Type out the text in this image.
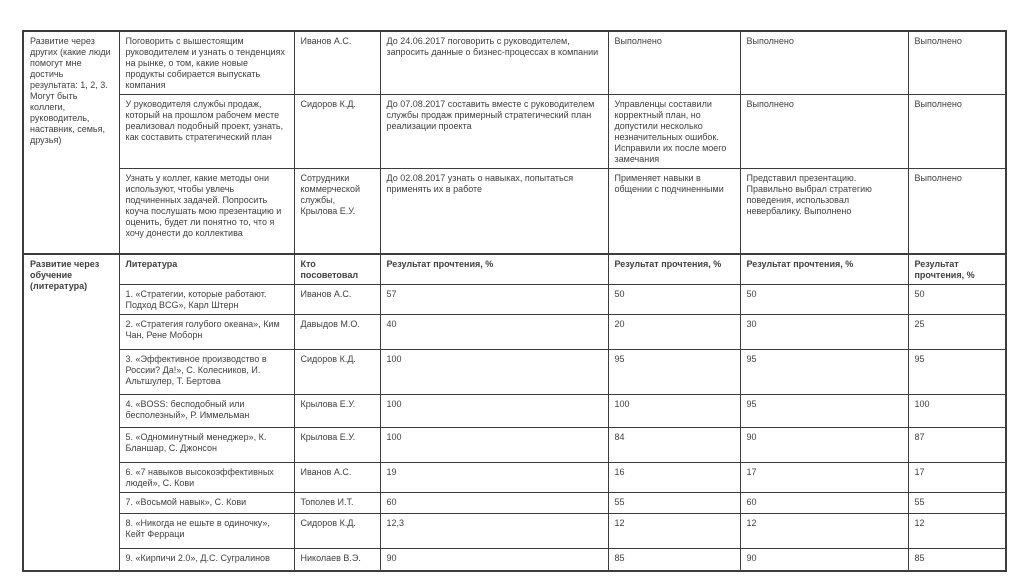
Развитие через других (какие люди помогут мне достичь результата: 1, 2, 3. Могут быть коллеги, руководитель, наставник, семья, друзья)	Поговорить с вышестоящим руководителем и узнать о тенденциях на рынке, о том, какие новые продукты собирается выпускать компания	Иванов А.С.	До 24.06.2017 поговорить с руководителем, запросить данные о бизнес-процессах в компании	Выполнено	Выполнено	Выполнено
	У руководителя службы продаж, который на прошлом рабочем месте реализовал подобный проект, узнать, как составить стратегический план	Сидоров К.Д.	До 07.08.2017 составить вместе с руководителем службы продаж примерный стратегический план реализации проекта	Управленцы составили корректный план, но допустили несколько незначительных ошибок. Исправили их после моего замечания	Выполнено	Выполнено
	Узнать у коллег, какие методы они используют, чтобы увлечь подчиненных задачей. Попросить коуча послушать мою презентацию и оценить, будет ли понятно то, что я хочу донести до коллектива	Сотрудники коммерческой службы, Крылова Е.У.	До 02.08.2017 узнать о навыках, попытаться применять их в работе	Применяет навыки в общении с подчиненными	Представил презентацию. Правильно выбрал стратегию поведения, использовал невербалику. Выполнено	Выполнено
Развитие через обучение (литература)	Литература	Кто посоветовал	Результат прочтения, %	Результат прочтения, %	Результат прочтения, %	Результат прочтения, %
	1. «Стратегии, которые работают. Подход BCG», Карл Штерн	Иванов А.С.	57	50	50	50
	2. «Стратегия голубого океана», Ким Чан, Рене Моборн	Давыдов М.О.	40	20	30	25
	3. «Эффективное производство в России? Да!», С. Колесников, И. Альтшулер, Т. Бертова	Сидоров К.Д.	100	95	95	95
	4. «BOSS: бесподобный или бесполезный», Р. Иммельман	Крылова Е.У.	100	100	95	100
	5. «Одноминутный менеджер», К. Бланшар, С. Джонсон	Крылова Е.У.	100	84	90	87
	6. «7 навыков высокоэффективных людей», С. Кови	Иванов А.С.	19	16	17	17
	7. «Восьмой навык», С. Кови	Тополев И.Т.	60	55	60	55
	8. «Никогда не ешьте в одиночку», Кейт Ферраци	Сидоров К.Д.	12,3	12	12	12
	9. «Кирпичи 2.0», Д.С. Сугралинов	Николаев В.Э.	90	85	90	85
